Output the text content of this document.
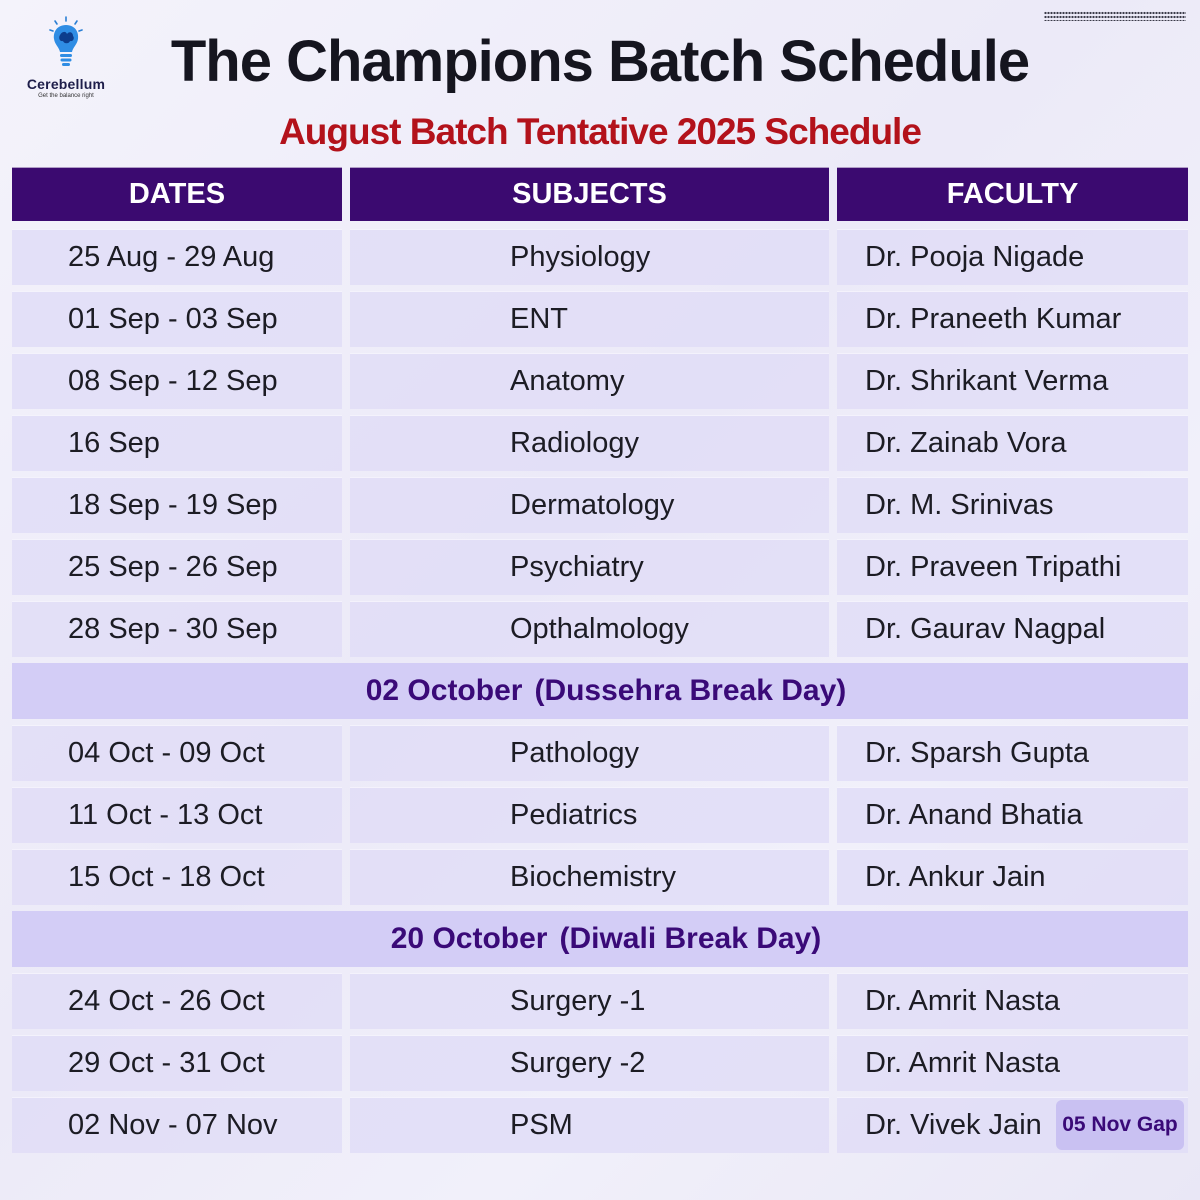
Cerebellum
Get the balance right
The Champions Batch Schedule
August Batch Tentative 2025 Schedule
DATES	SUBJECTS	FACULTY
25 Aug - 29 Aug	Physiology	Dr. Pooja Nigade
01 Sep - 03 Sep	ENT	Dr. Praneeth Kumar
08 Sep - 12 Sep	Anatomy	Dr. Shrikant Verma
16 Sep	Radiology	Dr. Zainab Vora
18 Sep - 19 Sep	Dermatology	Dr. M. Srinivas
25 Sep - 26 Sep	Psychiatry	Dr. Praveen Tripathi
28 Sep - 30 Sep	Opthalmology	Dr. Gaurav Nagpal
02 October (Dussehra Break Day)
04 Oct - 09 Oct	Pathology	Dr. Sparsh Gupta
11 Oct - 13 Oct	Pediatrics	Dr. Anand Bhatia
15 Oct - 18 Oct	Biochemistry	Dr. Ankur Jain
20 October (Diwali Break Day)
24 Oct - 26 Oct	Surgery -1	Dr. Amrit Nasta
29 Oct - 31 Oct	Surgery -2	Dr. Amrit Nasta
02 Nov - 07 Nov	PSM	Dr. Vivek Jain 05 Nov Gap
